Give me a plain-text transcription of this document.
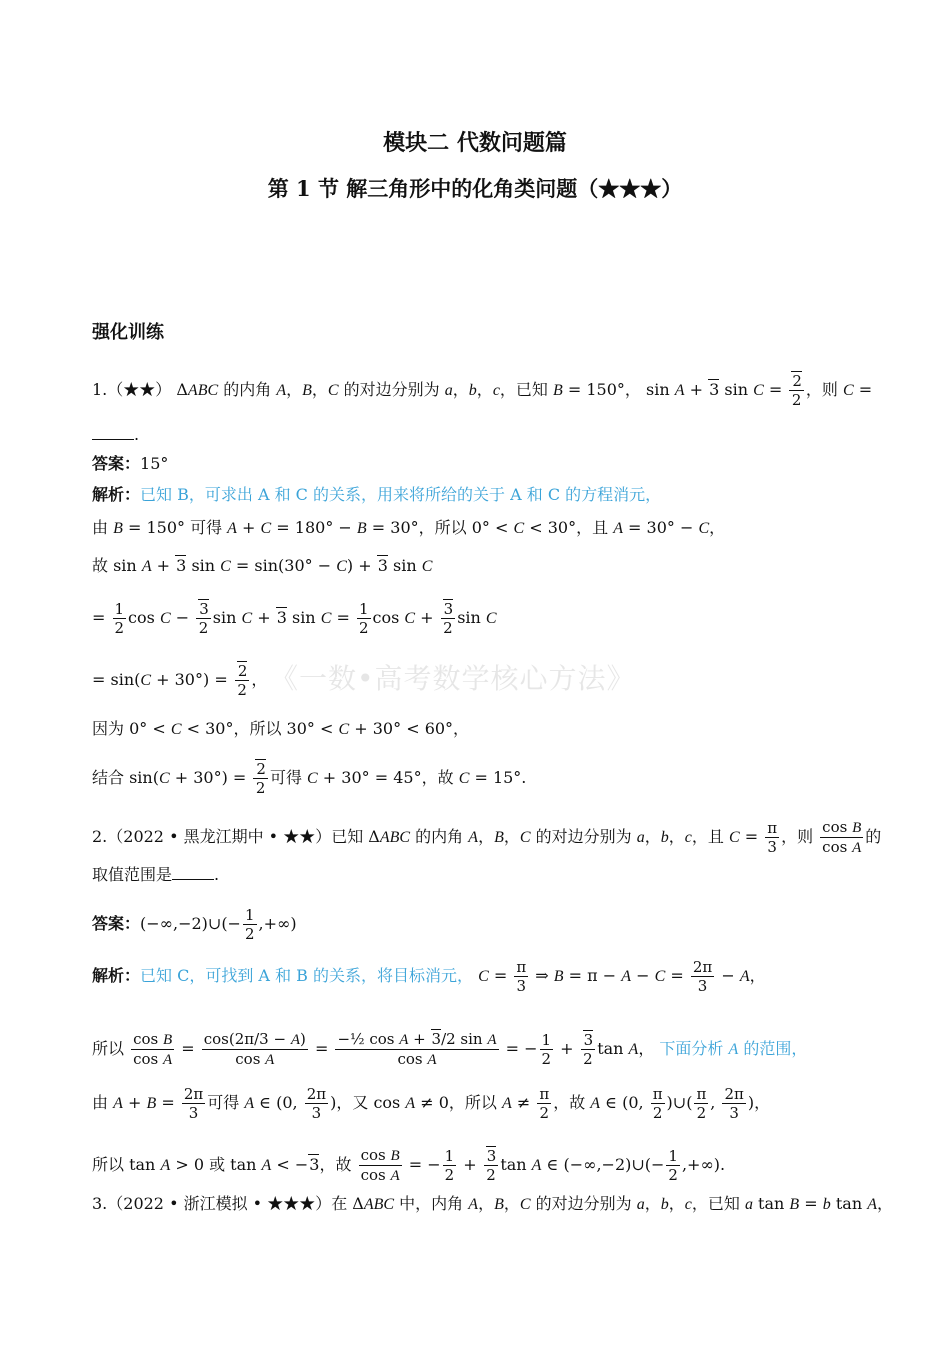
模块二 代数问题篇
第 1 节 解三角形中的化角类问题（★★★）
强化训练
1.（★★） ΔABC 的内角 A，B，C 的对边分别为 a，b，c，已知 B = 150°， sin A + 3 $\sin C = \frac{2}{2}$ ，则 C =
.
答案：15°
解析：已知 B，可求出 A 和 C 的关系，用来将所给的关于 A 和 C 的方程消元，
由 B = 150° 可得 A + C = 180° − B = 30°，所以 0° < C < 30°，且 A = 30° − C，
故 sin A + 3 sin C = sin(30° − C) + 3 sin C
= $\frac{1}{2}$ $\cos C - \frac{3}{2}$ sin C + 3 $\sin C = \frac{1}{2}$ $\cos C + \frac{3}{2}$ sin C
= $\sin(C + 30^\circ) = \frac{2}{2}$ ， 《一数•高考数学核心方法》
因为 0° < C < 30°，所以 30° < C + 30° < 60°，
结合 $\sin(C + 30^\circ) = \frac{2}{2}$ 可得 C + 30° = 45°，故 C = 15°.
2.（2022 • 黑龙江期中 • ★★）已知 ΔABC 的内角 A，B，C 的对边分别为 a，b，c，且 $C = \frac{\pi}{3}$ ，则 $\frac{\text{cos B}}{\text{cos A}}$ 的
取值范围是	.
答案：(−∞,−2)∪(− $\frac{1}{2}$ ,+∞)
解析：已知 C，可找到 A 和 B 的关系，将目标消元， $C = \frac{\pi}{3}$ ⇒ $B = \pi - A - C = \frac{2\pi}{3} - A$，
所以 $\frac{\text{cos B}}{\text{cos A}} = \frac{\cos(2\pi/3 - A)}{\text{cos A}} = \frac{\text{−½ cos A + 3/2 sin A}}{\text{cos A}}$ = − $\frac{1}{2} + \frac{3}{2}$ tan A， 下面分析 A 的范围，
由 $A + B = \frac{2\pi}{3}$ 可得 A ∈ (0, $\frac{2\pi}{3}$ )，又 cos A ≠ 0，所以 $A \ne \frac{\pi}{2}$ ，故 A ∈ (0, $\frac{\pi}{2}$ )∪( $\frac{\pi}{2}$ , $\frac{2\pi}{3}$ )，
所以 tan A > 0 或 tan A < −3，故 $\frac{\text{cos B}}{\text{cos A}}$ = − $\frac{1}{2} + \frac{3}{2}$ tan A ∈ (−∞,−2)∪(− $\frac{1}{2}$ ,+∞).
3.（2022 • 浙江模拟 • ★★★）在 ΔABC 中，内角 A，B，C 的对边分别为 a，b，c，已知 a tan B = b tan A，
